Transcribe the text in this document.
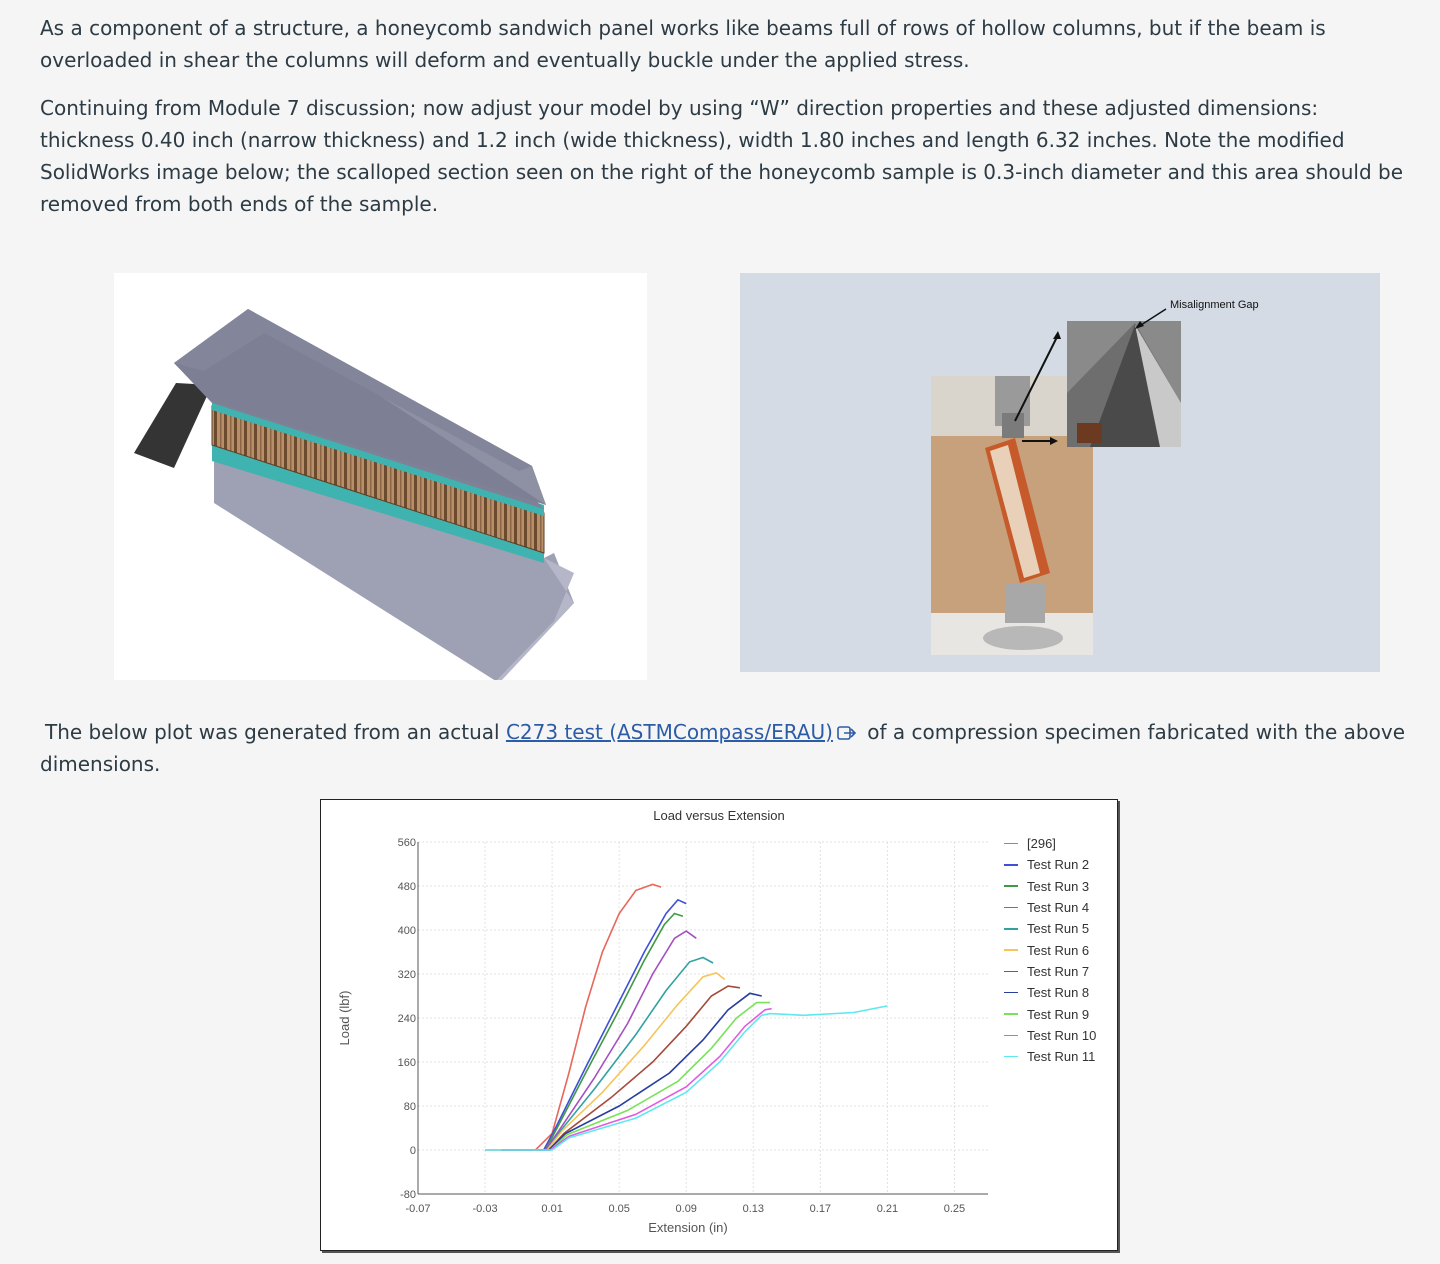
As a component of a structure, a honeycomb sandwich panel works like beams full of rows of hollow columns, but if the beam is overloaded in shear the columns will deform and eventually buckle under the applied stress.

Continuing from Module 7 discussion; now adjust your model by using “W” direction properties and these adjusted dimensions: thickness 0.40 inch (narrow thickness) and 1.2 inch (wide thickness), width 1.80 inches and length 6.32 inches. Note the modified SolidWorks image below; the scalloped section seen on the right of the honeycomb sample is 0.3-inch diameter and this area should be removed from both ends of the sample.

Misalignment Gap

The below plot was generated from an actual C273 test (ASTMCompass/ERAU) of a compression specimen fabricated with the above dimensions.

Load versus Extension
-0.07	-0.03	0.01	0.05	0.09	0.13	0.17	0.21	0.25
560
480
400
320
240
160
80
0
-80
Extension (in)
Load (lbf)
[296]
Test Run 2
Test Run 3
Test Run 4
Test Run 5
Test Run 6
Test Run 7
Test Run 8
Test Run 9
Test Run 10
Test Run 11
